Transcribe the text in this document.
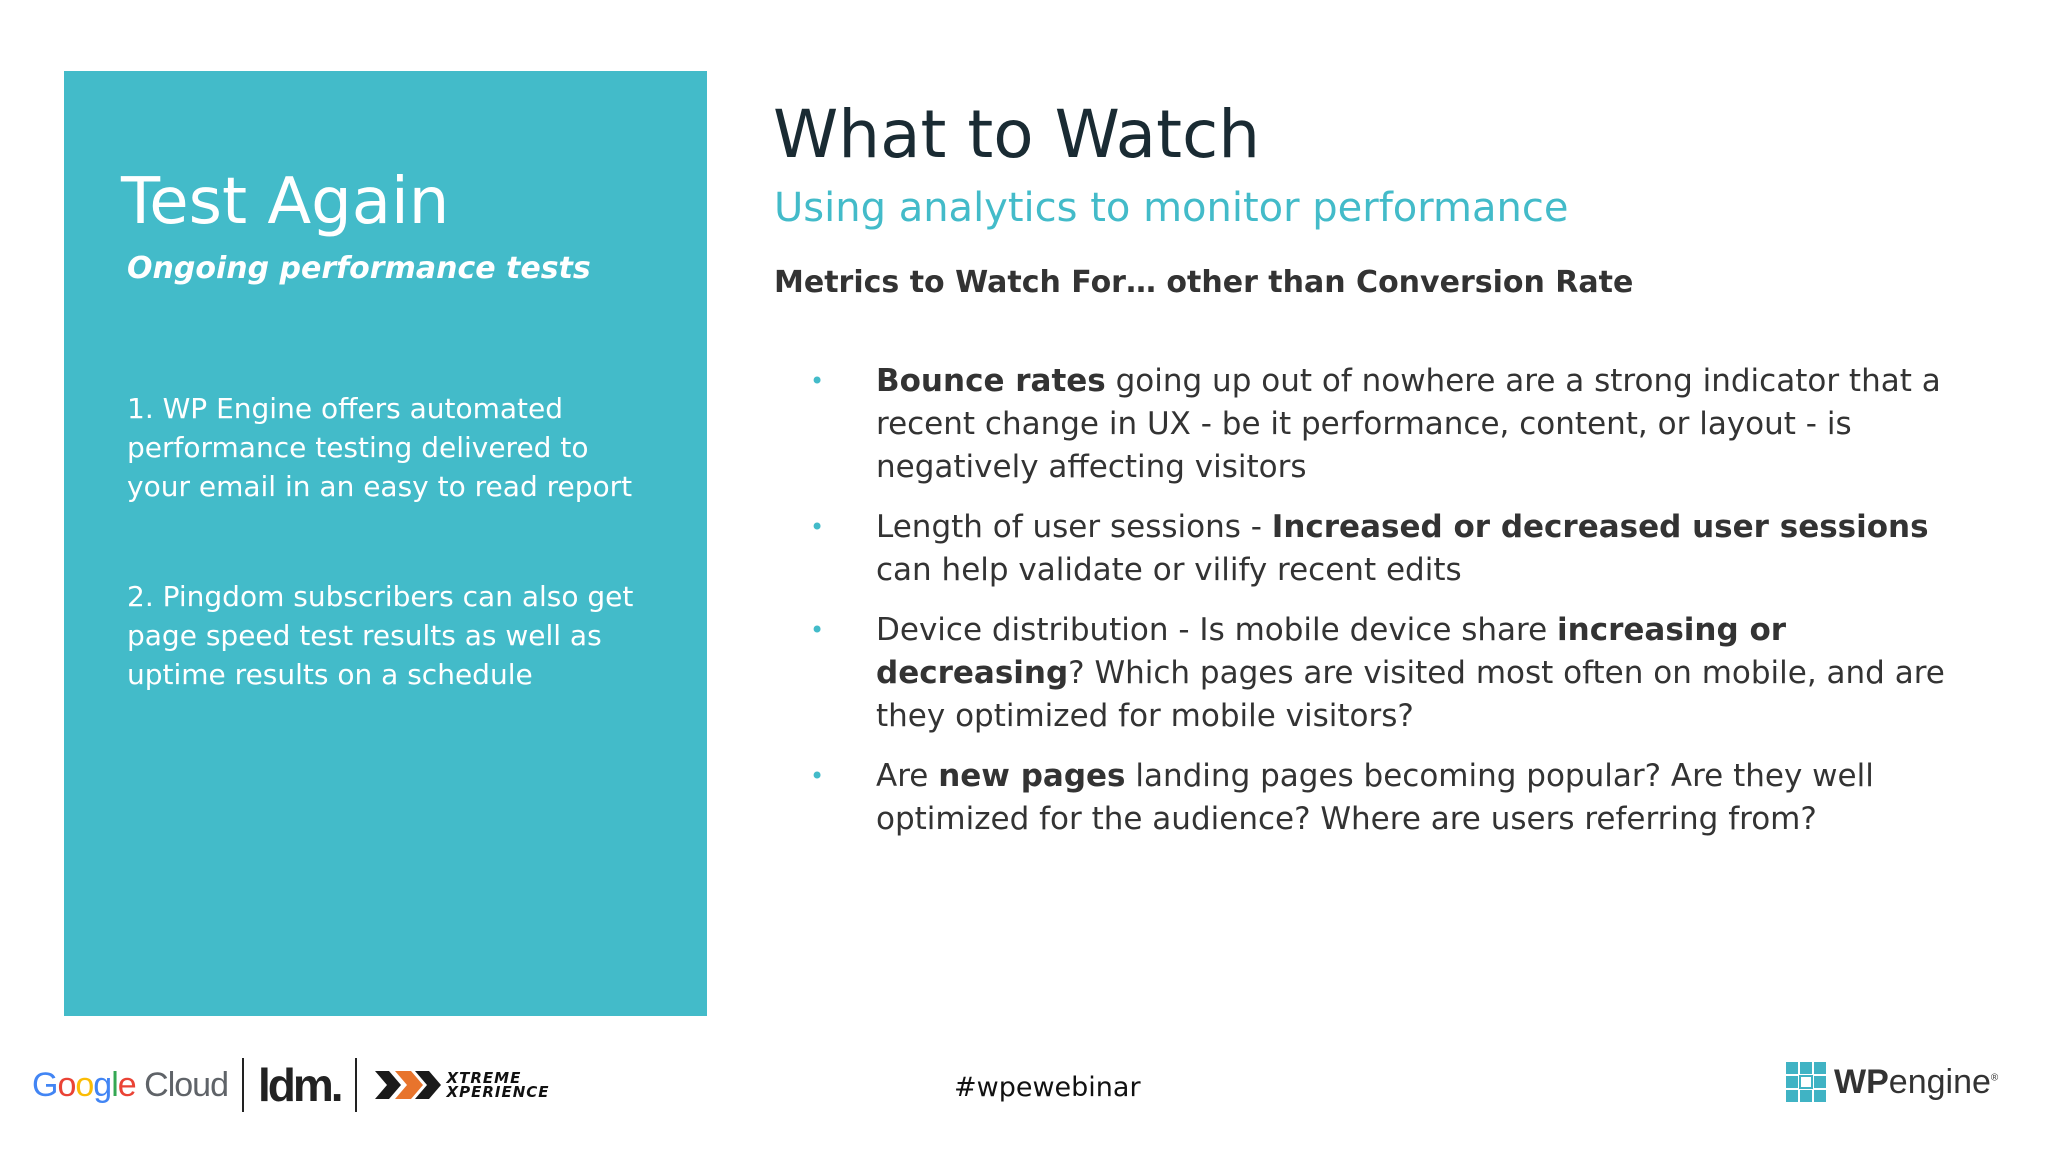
Test Again
Ongoing performance tests
1. WP Engine offers automated performance testing delivered to your email in an easy to read report
2. Pingdom subscribers can also get page speed test results as well as uptime results on a schedule
What to Watch
Using analytics to monitor performance
Metrics to Watch For… other than Conversion Rate
• Bounce rates going up out of nowhere are a strong indicator that a recent change in UX - be it performance, content, or layout - is negatively affecting visitors
• Length of user sessions - Increased or decreased user sessions can help validate or vilify recent edits
• Device distribution - Is mobile device share increasing or decreasing? Which pages are visited most often on mobile, and are they optimized for mobile visitors?
• Are new pages landing pages becoming popular? Are they well optimized for the audience? Where are users referring from?
Google Cloud ldm.	XTREME
XPERIENCE	#wpewebinar	WPengine®
